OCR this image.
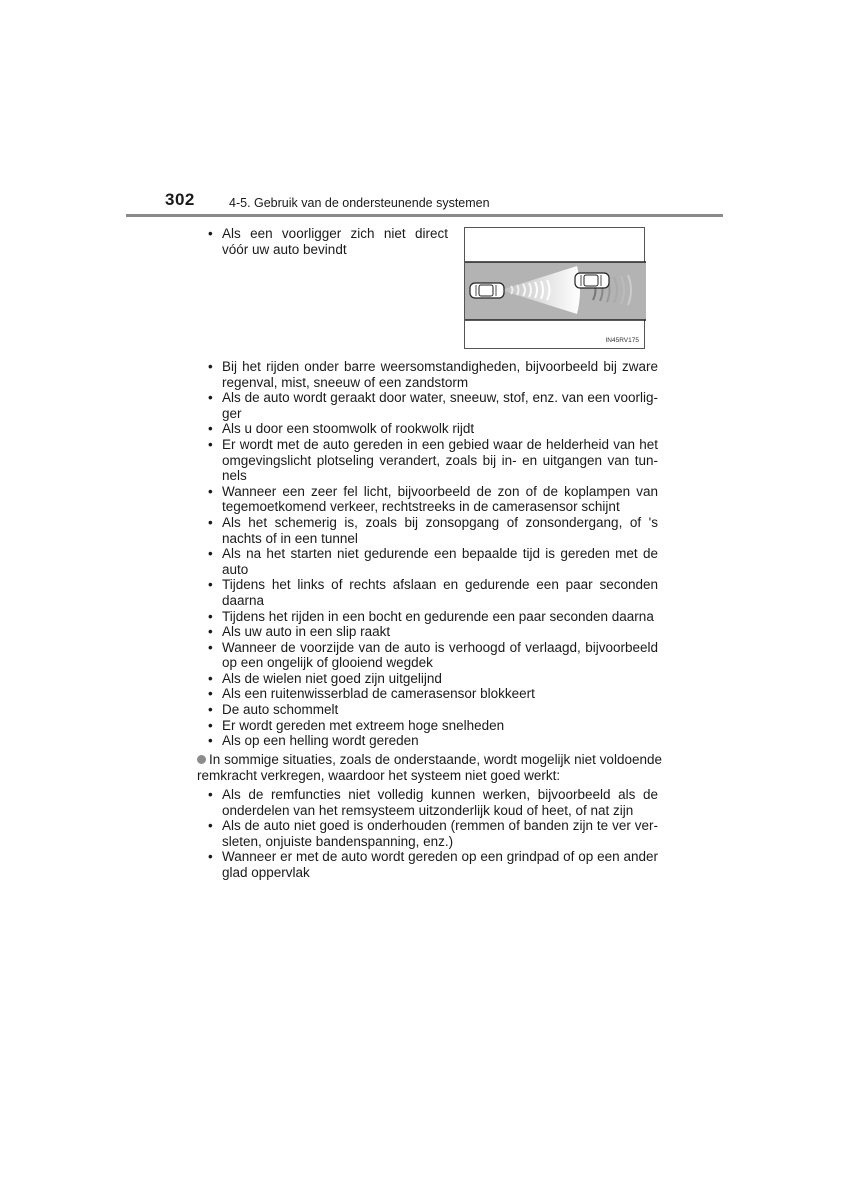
302	4-5. Gebruik van de ondersteunende systemen
• Als een voorligger zich niet direct vóór uw auto bevindt
IN45RV175
• Bij het rijden onder barre weersomstandigheden, bijvoorbeeld bij zware regenval, mist, sneeuw of een zandstorm
• Als de auto wordt geraakt door water, sneeuw, stof, enz. van een voorlig-ger
• Als u door een stoomwolk of rookwolk rijdt
• Er wordt met de auto gereden in een gebied waar de helderheid van het omgevingslicht plotseling verandert, zoals bij in- en uitgangen van tun-nels
• Wanneer een zeer fel licht, bijvoorbeeld de zon of de koplampen van tegemoetkomend verkeer, rechtstreeks in de camerasensor schijnt
• Als het schemerig is, zoals bij zonsopgang of zonsondergang, of 's nachts of in een tunnel
• Als na het starten niet gedurende een bepaalde tijd is gereden met de auto
• Tijdens het links of rechts afslaan en gedurende een paar seconden daarna
• Tijdens het rijden in een bocht en gedurende een paar seconden daarna
• Als uw auto in een slip raakt
• Wanneer de voorzijde van de auto is verhoogd of verlaagd, bijvoorbeeld op een ongelijk of glooiend wegdek
• Als de wielen niet goed zijn uitgelijnd
• Als een ruitenwisserblad de camerasensor blokkeert
• De auto schommelt
• Er wordt gereden met extreem hoge snelheden
• Als op een helling wordt gereden
In sommige situaties, zoals de onderstaande, wordt mogelijk niet voldoende remkracht verkregen, waardoor het systeem niet goed werkt:
• Als de remfuncties niet volledig kunnen werken, bijvoorbeeld als de onderdelen van het remsysteem uitzonderlijk koud of heet, of nat zijn
• Als de auto niet goed is onderhouden (remmen of banden zijn te ver ver-sleten, onjuiste bandenspanning, enz.)
• Wanneer er met de auto wordt gereden op een grindpad of op een ander glad oppervlak
